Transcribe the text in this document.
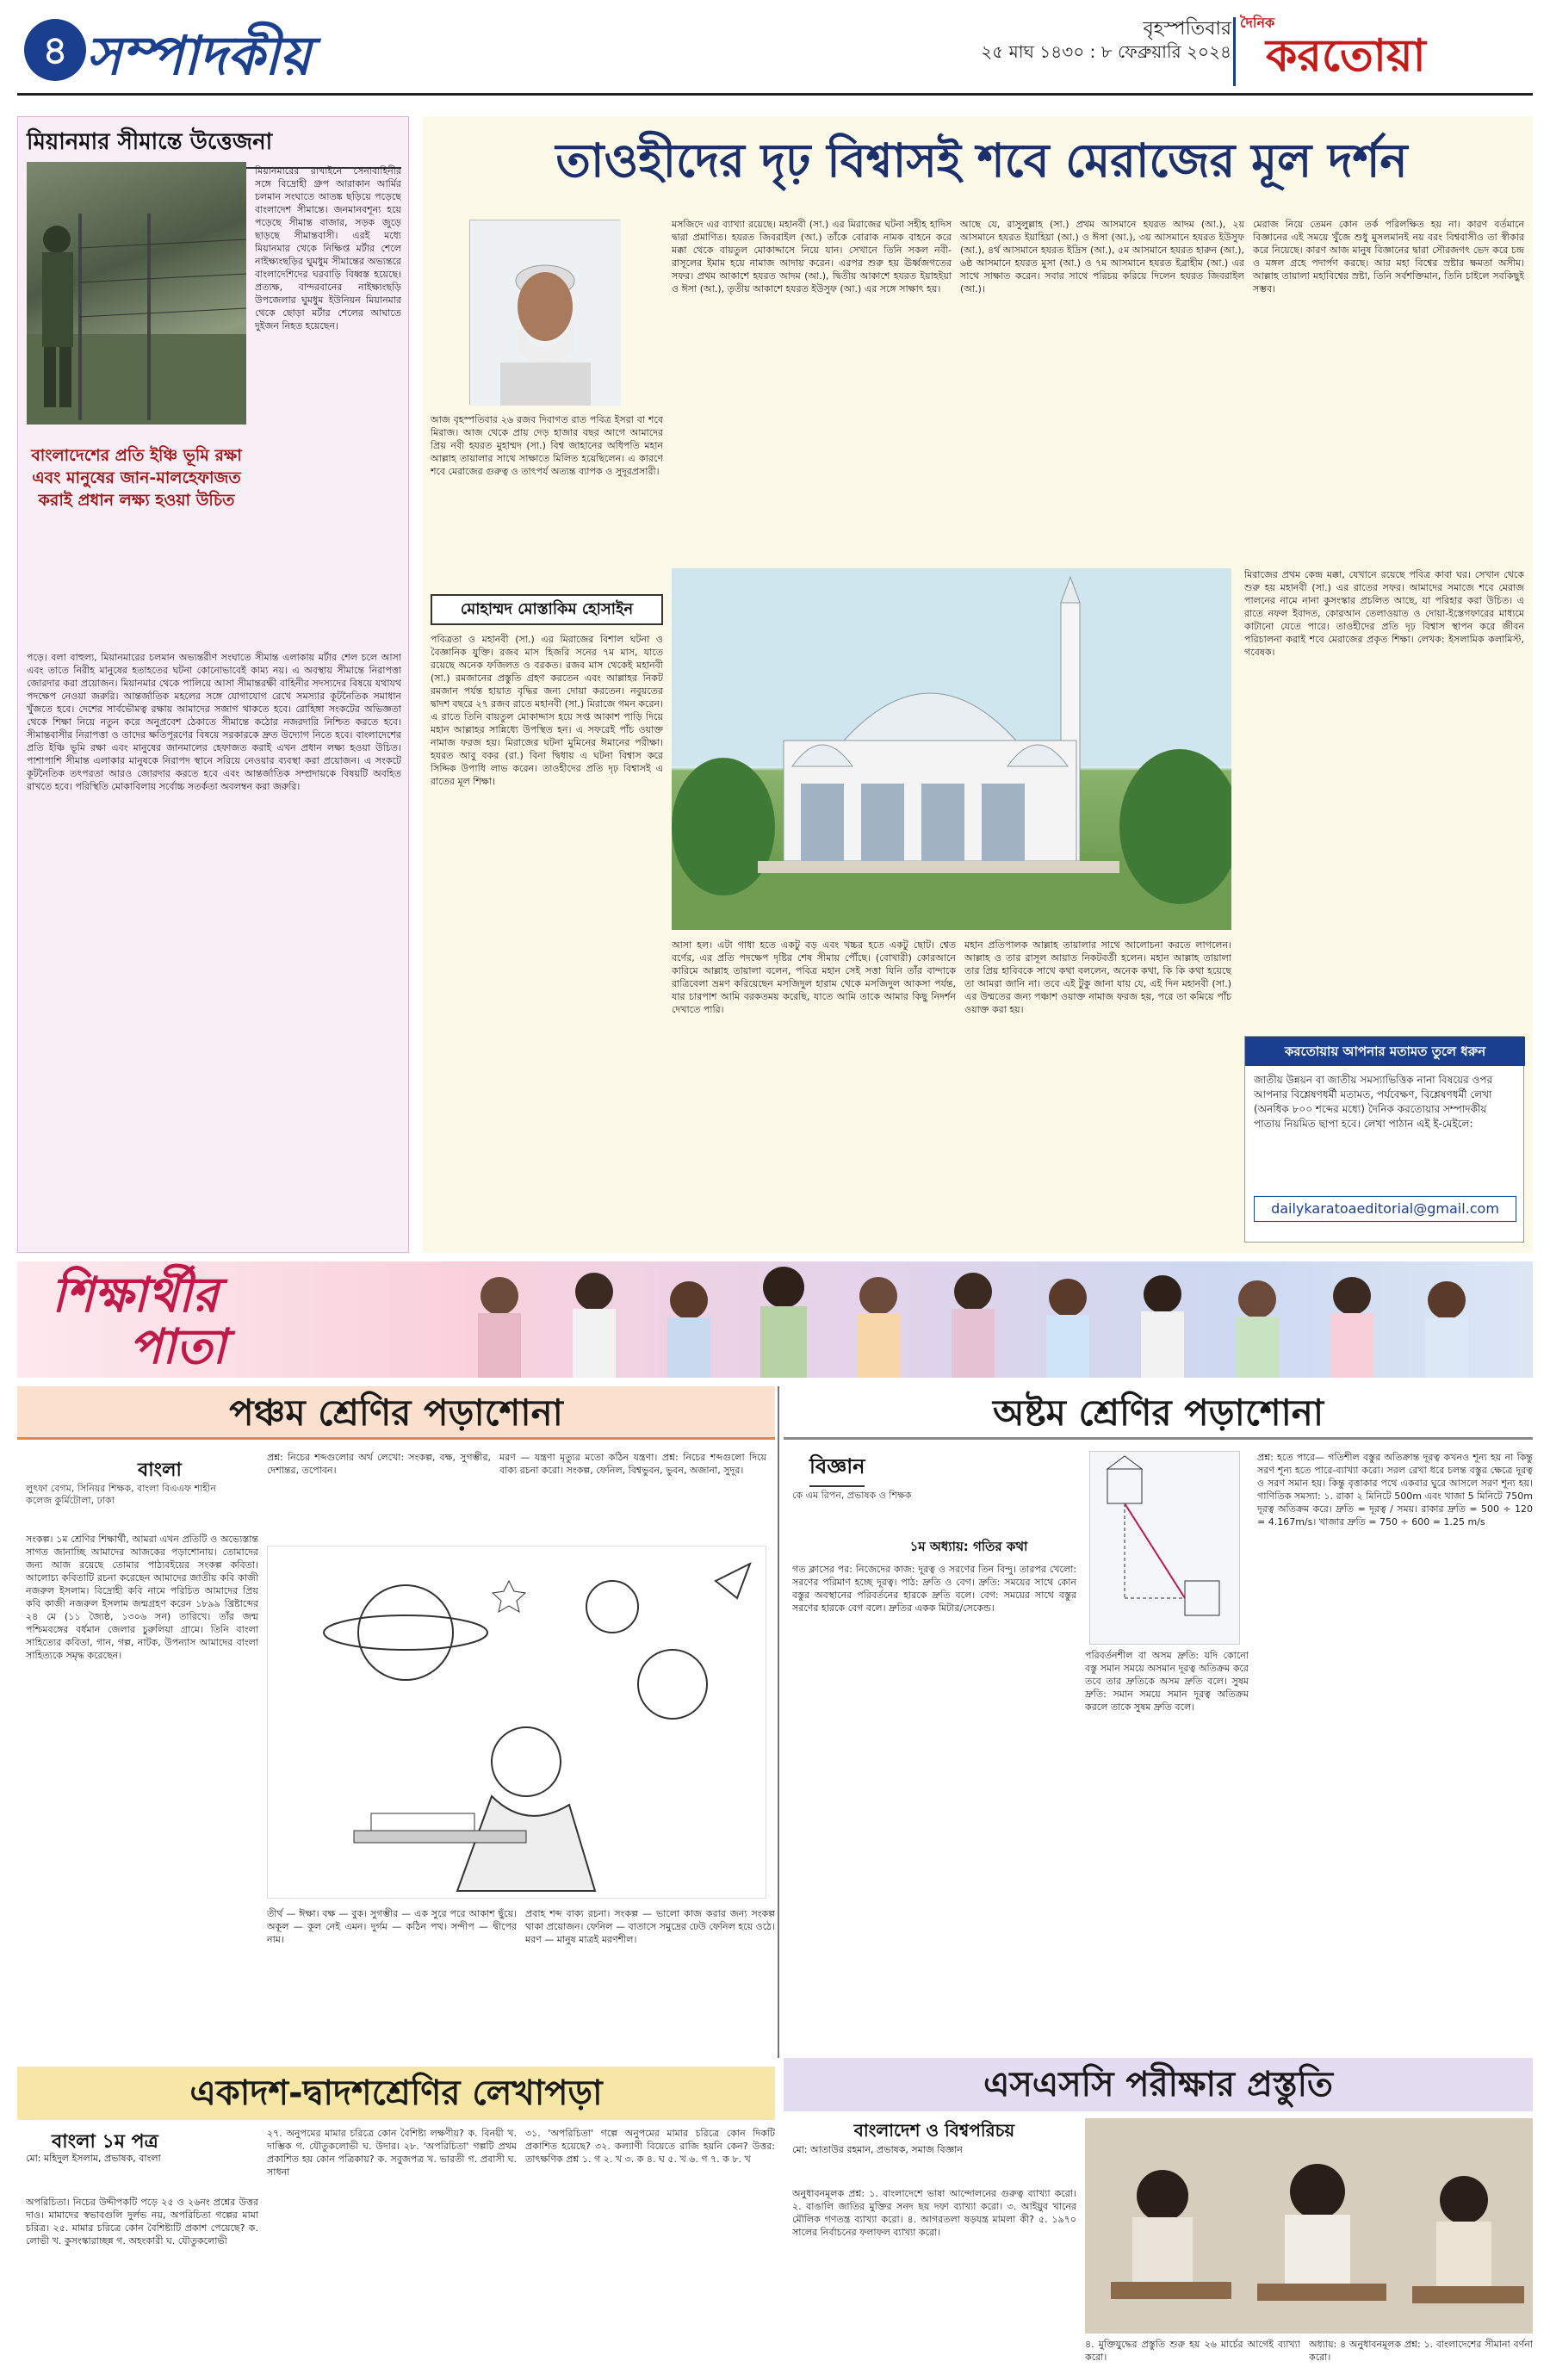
৪ সম্পাদকীয়	বৃহস্পতিবার
২৫ মাঘ ১৪৩০ : ৮ ফেব্রুয়ারি ২০২৪
দৈনিক
করতোয়া
মিয়ানমার সীমান্তে উত্তেজনা
মিয়ানমারের রাখাইনে সেনাবাহিনীর সঙ্গে বিদ্রোহী গ্রুপ আরাকান আর্মির চলমান সংঘাতে আতঙ্ক ছড়িয়ে পড়েছে বাংলাদেশ সীমান্তে। জনমানবশূন্য হয়ে পড়েছে সীমান্ত বাজার, সড়ক জুড়ে ছাড়ছে সীমান্তবাসী। এরই মধ্যে মিয়ানমার থেকে নিক্ষিপ্ত মর্টার শেলে নাইক্ষ্যংছড়ির ঘুমধুম সীমান্তের অভ্যন্তরে বাংলাদেশিদের ঘরবাড়ি বিধ্বস্ত হয়েছে। প্রত্যক্ষ, বান্দরবানের নাইক্ষ্যংছড়ি উপজেলার ঘুমধুম ইউনিয়ন মিয়ানমার থেকে ছোড়া মর্টার শেলের আঘাতে দুইজন নিহত হয়েছেন।
বাংলাদেশের প্রতি ইঞ্চি ভূমি রক্ষা এবং মানুষের জান-মালহেফাজত করাই প্রধান লক্ষ্য হওয়া উচিত
পড়ে। বলা বাহুল্য, মিয়ানমারের চলমান অভ্যন্তরীণ সংঘাতে সীমান্ত এলাকায় মর্টার শেল চলে আসা এবং তাতে নিরীহ মানুষের হতাহতের ঘটনা কোনোভাবেই কাম্য নয়। এ অবস্থায় সীমান্তে নিরাপত্তা জোরদার করা প্রয়োজন। মিয়ানমার থেকে পালিয়ে আসা সীমান্তরক্ষী বাহিনীর সদস্যদের বিষয়ে যথাযথ পদক্ষেপ নেওয়া জরুরি। আন্তর্জাতিক মহলের সঙ্গে যোগাযোগ রেখে সমস্যার কূটনৈতিক সমাধান খুঁজতে হবে। দেশের সার্বভৌমত্ব রক্ষায় আমাদের সজাগ থাকতে হবে। রোহিঙ্গা সংকটের অভিজ্ঞতা থেকে শিক্ষা নিয়ে নতুন করে অনুপ্রবেশ ঠেকাতে সীমান্তে কঠোর নজরদারি নিশ্চিত করতে হবে। সীমান্তবাসীর নিরাপত্তা ও তাদের ক্ষতিপূরণের বিষয়ে সরকারকে দ্রুত উদ্যোগ নিতে হবে। বাংলাদেশের প্রতি ইঞ্চি ভূমি রক্ষা এবং মানুষের জানমালের হেফাজত করাই এখন প্রধান লক্ষ্য হওয়া উচিত। পাশাপাশি সীমান্ত এলাকার মানুষকে নিরাপদ স্থানে সরিয়ে নেওয়ার ব্যবস্থা করা প্রয়োজন। এ সংকটে কূটনৈতিক তৎপরতা আরও জোরদার করতে হবে এবং আন্তর্জাতিক সম্প্রদায়কে বিষয়টি অবহিত রাখতে হবে। পরিস্থিতি মোকাবিলায় সর্বোচ্চ সতর্কতা অবলম্বন করা জরুরি।
তাওহীদের দৃঢ় বিশ্বাসই শবে মেরাজের মূল দর্শন
আজ বৃহস্পতিবার ২৬ রজব দিবাগত রাত পবিত্র ইসরা বা শবে মিরাজ। আজ থেকে প্রায় দেড় হাজার বছর আগে আমাদের প্রিয় নবী হযরত মুহাম্মদ (সা.) বিশ্ব জাহানের অধিপতি মহান আল্লাহ তায়ালার সাথে সাক্ষাতে মিলিত হয়েছিলেন। এ কারণে শবে মেরাজের গুরুত্ব ও তাৎপর্য অত্যন্ত ব্যাপক ও সুদূরপ্রসারী।
মোহাম্মদ মোস্তাকিম হোসাইন
পবিত্রতা ও মহানবী (সা.) এর মিরাজের বিশাল ঘটনা ও বৈজ্ঞানিক যুক্তি। রজব মাস হিজরি সনের ৭ম মাস, যাতে রয়েছে অনেক ফজিলত ও বরকত। রজব মাস থেকেই মহানবী (সা.) রমজানের প্রস্তুতি গ্রহণ করতেন এবং আল্লাহর নিকট রমজান পর্যন্ত হায়াত বৃদ্ধির জন্য দোয়া করতেন। নবুয়তের দ্বাদশ বছরে ২৭ রজব রাতে মহানবী (সা.) মিরাজে গমন করেন। এ রাতে তিনি বায়তুল মোকাদ্দাস হয়ে সপ্ত আকাশ পাড়ি দিয়ে মহান আল্লাহর সান্নিধ্যে উপস্থিত হন। এ সফরেই পাঁচ ওয়াক্ত নামাজ ফরজ হয়। মিরাজের ঘটনা মুমিনের ঈমানের পরীক্ষা। হযরত আবু বকর (রা.) বিনা দ্বিধায় এ ঘটনা বিশ্বাস করে সিদ্দিক উপাধি লাভ করেন। তাওহীদের প্রতি দৃঢ় বিশ্বাসই এ রাতের মূল শিক্ষা।
মসজিদে এর ব্যাখ্যা রয়েছে। মহানবী (সা.) এর মিরাজের ঘটনা সহীহ হাদিস দ্বারা প্রমাণিত। হযরত জিবরাইল (আ.) তাঁকে বোরাক নামক বাহনে করে মক্কা থেকে বায়তুল মোকাদ্দাসে নিয়ে যান। সেখানে তিনি সকল নবী-রাসূলের ইমাম হয়ে নামাজ আদায় করেন। এরপর শুরু হয় ঊর্ধ্বজগতের সফর। প্রথম আকাশে হযরত আদম (আ.), দ্বিতীয় আকাশে হযরত ইয়াহইয়া ও ঈসা (আ.), তৃতীয় আকাশে হযরত ইউসুফ (আ.) এর সঙ্গে সাক্ষাৎ হয়।
আছে যে, রাসুলুল্লাহ (সা.) প্রথম আসমানে হযরত আদম (আ.), ২য় আসমানে হযরত ইয়াহিয়া (আ.) ও ঈসা (আ.), ৩য় আসমানে হযরত ইউসুফ (আ.), ৪র্থ আসমানে হযরত ইদ্রিস (আ.), ৫ম আসমানে হযরত হারুন (আ.), ৬ষ্ঠ আসমানে হযরত মুসা (আ.) ও ৭ম আসমানে হযরত ইব্রাহীম (আ.) এর সাথে সাক্ষাত করেন। সবার সাথে পরিচয় করিয়ে দিলেন হযরত জিবরাইল (আ.)।
মেরাজ নিয়ে তেমন কোন তর্ক পরিলক্ষিত হয় না। কারণ বর্তমানে বিজ্ঞানের এই সময়ে খুঁজে শুধু মুসলমানই নয় বরং বিশ্ববাসীও তা স্বীকার করে নিয়েছে। কারণ আজ মানুষ বিজ্ঞানের দ্বারা সৌরজগৎ ভেদ করে চন্দ্র ও মঙ্গল গ্রহে পদার্পণ করছে। আর মহা বিশ্বের স্রষ্টার ক্ষমতা অসীম। আল্লাহ তায়ালা মহাবিশ্বের স্রষ্টা, তিনি সর্বশক্তিমান, তিনি চাইলে সবকিছুই সম্ভব।
আসা হল। এটা গাধা হতে একটু বড় এবং খচ্চর হতে একটু ছোট। শ্বেত বর্ণের, এর প্রতি পদক্ষেপ দৃষ্টির শেষ সীমায় পৌঁছে। (বোখারী) কোরআনে কারিমে আল্লাহ তায়ালা বলেন, পবিত্র মহান সেই সত্তা যিনি তাঁর বান্দাকে রাত্রিবেলা ভ্রমণ করিয়েছেন মসজিদুল হারাম থেকে মসজিদুল আকসা পর্যন্ত, যার চারপাশ আমি বরকতময় করেছি, যাতে আমি তাকে আমার কিছু নিদর্শন দেখাতে পারি।
মহান প্রতিপালক আল্লাহ তায়ালার সাথে আলোচনা করতে লাগলেন। আল্লাহ ও তার রাসূল আয়াত নিকটবর্তী হলেন। মহান আল্লাহ তায়ালা তার প্রিয় হাবিবকে সাথে কথা বললেন, অনেক কথা, কি কি কথা হয়েছে তা আমরা জানি না। তবে এই টুকু জানা যায় যে, এই দিন মহানবী (সা.) এর উম্মতের জন্য পঞ্চাশ ওয়াক্ত নামাজ ফরজ হয়, পরে তা কমিয়ে পাঁচ ওয়াক্ত করা হয়।
মিরাজের প্রথম কেন্দ্র মক্কা, যেখানে রয়েছে পবিত্র কাবা ঘর। সেখান থেকে শুরু হয় মহানবী (সা.) এর রাতের সফর। আমাদের সমাজে শবে মেরাজ পালনের নামে নানা কুসংস্কার প্রচলিত আছে, যা পরিহার করা উচিত। এ রাতে নফল ইবাদত, কোরআন তেলাওয়াত ও দোয়া-ইস্তেগফারের মাধ্যমে কাটানো যেতে পারে। তাওহীদের প্রতি দৃঢ় বিশ্বাস স্থাপন করে জীবন পরিচালনা করাই শবে মেরাজের প্রকৃত শিক্ষা। লেখক: ইসলামিক কলামিস্ট, গবেষক।
করতোয়ায় আপনার মতামত তুলে ধরুন
জাতীয় উন্নয়ন বা জাতীয় সমস্যাভিত্তিক নানা বিষয়ের ওপর আপনার বিশ্লেষণধর্মী মতামত, পর্যবেক্ষণ, বিশ্লেষণধর্মী লেখা (অনধিক ৮০০ শব্দের মধ্যে) দৈনিক করতোয়ার সম্পাদকীয় পাতায় নিয়মিত ছাপা হবে। লেখা পাঠান এই ই-মেইলে:
dailykaratoaeditorial@gmail.com
শিক্ষার্থীর
পাতা
পঞ্চম শ্রেণির পড়াশোনা
বাংলা
লুৎফা বেগম, সিনিয়র শিক্ষক, বাংলা বিএএফ শাহীন কলেজ কুর্মিটোলা, ঢাকা
সংকল্প। ১ম শ্রেণির শিক্ষার্থী, আমরা এখন প্রতিটি ও অভ্যেস্তান্ত সাগত জানাচ্ছি আমাদের আজকের পড়াশোনায়। তোমাদের জন্য আজ রয়েছে তোমার পাঠ্যবইয়ের সংকল্প কবিতা। আলোচ্য কবিতাটি রচনা করেছেন আমাদের জাতীয় কবি কাজী নজরুল ইসলাম। বিদ্রোহী কবি নামে পরিচিত আমাদের প্রিয় কবি কাজী নজরুল ইসলাম জন্মগ্রহণ করেন ১৮৯৯ খ্রিষ্টাব্দের ২৪ মে (১১ জ্যৈষ্ঠ, ১৩০৬ সন) তারিখে। তাঁর জন্ম পশ্চিমবঙ্গের বর্ধমান জেলার চুরুলিয়া গ্রামে। তিনি বাংলা সাহিত্যের কবিতা, গান, গল্প, নাটক, উপন্যাস আমাদের বাংলা সাহিত্যকে সমৃদ্ধ করেছেন।
প্রশ্ন: নিচের শব্দগুলোর অর্থ লেখো: সংকল্প, বক্ষ, সুগম্ভীর, দেশান্তর, তপোবন।
মরণ — যন্ত্রণা মৃত্যুর মতো কঠিন যন্ত্রণা। প্রশ্ন: নিচের শব্দগুলো দিয়ে বাক্য রচনা করো। সংকল্প, ফেনিল, বিশ্বভুবন, ভুবন, অজানা, সুদূর।
তীর্থ — ঈক্ষা। বক্ষ — বুক। সুগম্ভীর — এক সুরে পরে আকাশ ছুঁয়ে। অকূল — কূল নেই এমন। দুর্গম — কঠিন পথ। সন্দীপ — দ্বীপের নাম।
প্রবাহ শব্দ বাক্য রচনা। সংকল্প — ভালো কাজ করার জন্য সংকল্প থাকা প্রয়োজন। ফেনিল — বাতাসে সমুদ্রের ঢেউ ফেনিল হয়ে ওঠে। মরণ — মানুষ মাত্রই মরণশীল।
অষ্টম শ্রেণির পড়াশোনা
বিজ্ঞান
কে এম রিপন, প্রভাষক ও শিক্ষক
১ম অধ্যায়: গতির কথা
গত ক্লাসের পর: নিজেদের কাজ: দূরত্ব ও সরণের তিন বিন্দু। তারপর খেলো: সরণের পরিমাণ হচ্ছে দূরত্ব। পাঠ: দ্রুতি ও বেগ। দ্রুতি: সময়ের সাথে কোন বস্তুর অবস্থানের পরিবর্তনের হারকে দ্রুতি বলে। বেগ: সময়ের সাথে বস্তুর সরণের হারকে বেগ বলে। দ্রুতির একক মিটার/সেকেন্ড।
পরিবর্তনশীল বা অসম দ্রুতি: যদি কোনো বস্তু সমান সময়ে অসমান দূরত্ব অতিক্রম করে তবে তার দ্রুতিকে অসম দ্রুতি বলে। সুষম দ্রুতি: সমান সময়ে সমান দূরত্ব অতিক্রম করলে তাকে সুষম দ্রুতি বলে।
প্রশ্ন: হতে পারে— গতিশীল বস্তুর অতিক্রান্ত দূরত্ব কখনও শূন্য হয় না কিন্তু সরণ শূন্য হতে পারে-ব্যাখ্যা করো। সরল রেখা ধরে চলন্ত বস্তুর ক্ষেত্রে দূরত্ব ও সরণ সমান হয়। কিন্তু বৃত্তাকার পথে একবার ঘুরে আসলে সরণ শূন্য হয়। গাণিতিক সমস্যা: ১. রাকা ২ মিনিটে 500m এবং খাজা 5 মিনিটে 750m দূরত্ব অতিক্রম করে। দ্রুতি = দূরত্ব / সময়। রাকার দ্রুতি = 500 ÷ 120 = 4.167m/s। খাজার দ্রুতি = 750 ÷ 600 = 1.25 m/s
এসএসসি পরীক্ষার প্রস্তুতি
বাংলাদেশ ও বিশ্বপরিচয়
মো: আতাউর রহমান, প্রভাষক, সমাজ বিজ্ঞান
অনুধাবনমূলক প্রশ্ন: ১. বাংলাদেশে ভাষা আন্দোলনের গুরুত্ব ব্যাখ্যা করো। ২. বাঙালি জাতির মুক্তির সনদ ছয় দফা ব্যাখ্যা করো। ৩. আইয়ুব খানের মৌলিক গণতন্ত্র ব্যাখ্যা করো। ৪. আগরতলা ষড়যন্ত্র মামলা কী? ৫. ১৯৭০ সালের নির্বাচনের ফলাফল ব্যাখ্যা করো।
৪. মুক্তিযুদ্ধের প্রস্তুতি শুরু হয় ২৬ মার্চের আগেই ব্যাখ্যা করো।
অধ্যায়: ৪ অনুধাবনমূলক প্রশ্ন: ১. বাংলাদেশের সীমানা বর্ণনা করো।
একাদশ-দ্বাদশশ্রেণির লেখাপড়া
বাংলা ১ম পত্র
মো: মহিদুল ইসলাম, প্রভাষক, বাংলা
অপরিচিতা। নিচের উদ্দীপকটি পড়ে ২৫ ও ২৬নং প্রশ্নের উত্তর দাও। মামাদের স্বভাবগুলি দুর্লভ নয়, অপরিচিতা গল্পের মামা চরিত্র। ২৫. মামার চরিত্রে কোন বৈশিষ্ট্যটি প্রকাশ পেয়েছে? ক. লোভী খ. কুসংস্কারাচ্ছন্ন গ. অহংকারী ঘ. যৌতুকলোভী
২৭. অনুপমের মামার চরিত্রে কোন বৈশিষ্ট্য লক্ষণীয়? ক. বিনয়ী খ. দাম্ভিক গ. যৌতুকলোভী ঘ. উদার। ২৮. 'অপরিচিতা' গল্পটি প্রথম প্রকাশিত হয় কোন পত্রিকায়? ক. সবুজপত্র খ. ভারতী গ. প্রবাসী ঘ. সাধনা
৩১. 'অপরিচিতা' গল্পে অনুপমের মামার চরিত্রে কোন দিকটি প্রকাশিত হয়েছে? ৩২. কল্যাণী বিয়েতে রাজি হয়নি কেন? উত্তর: তাৎক্ষণিক প্রশ্ন ১. গ ২. খ ৩. ক ৪. ঘ ৫. খ ৬. গ ৭. ক ৮. খ
